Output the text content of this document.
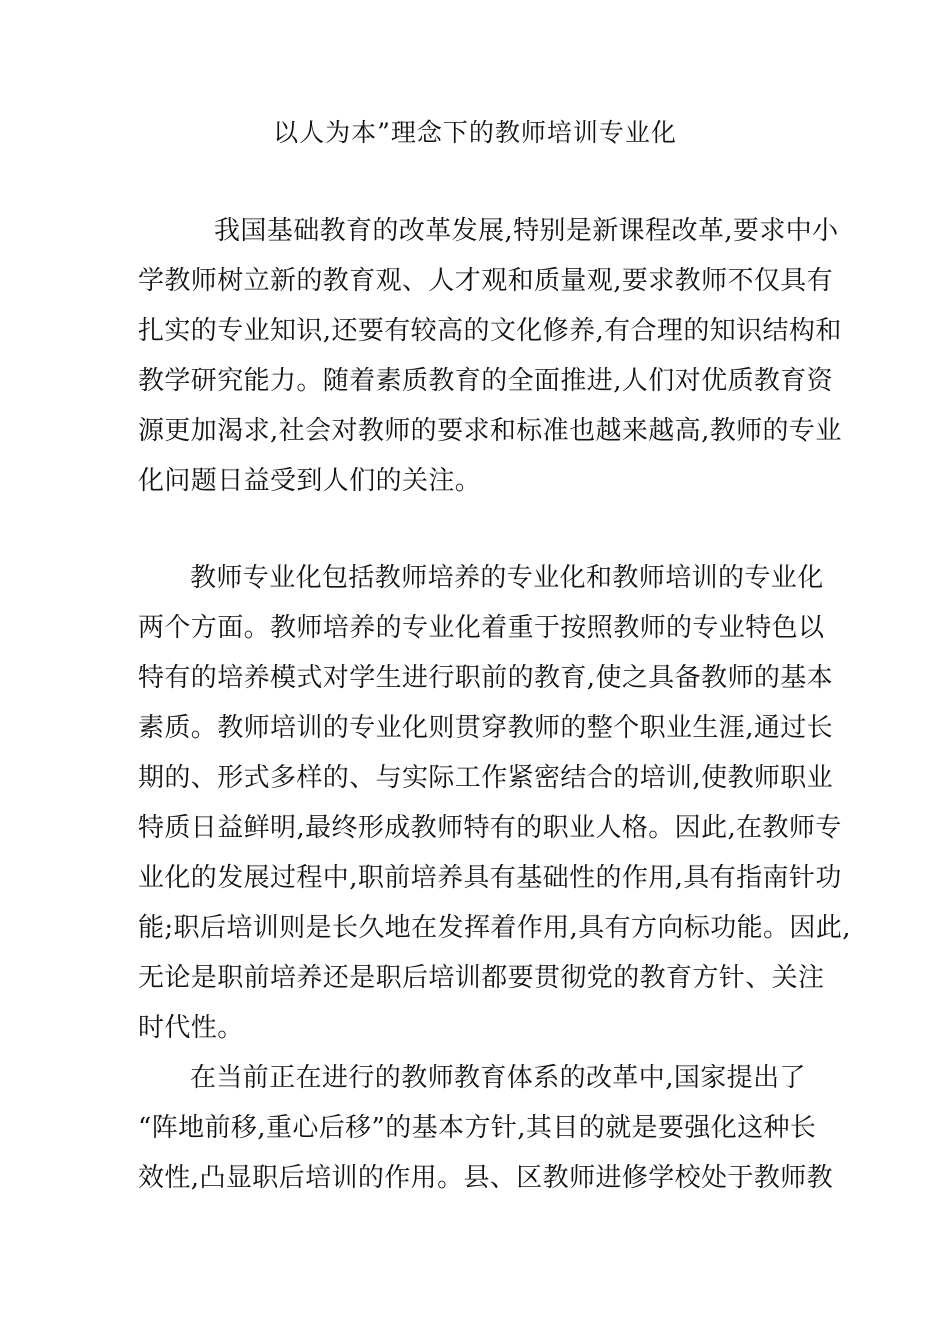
以人为本”理念下的教师培训专业化
我国基础教育的改革发展,特别是新课程改革,要求中小
学教师树立新的教育观、人才观和质量观,要求教师不仅具有
扎实的专业知识,还要有较高的文化修养,有合理的知识结构和
教学研究能力。随着素质教育的全面推进,人们对优质教育资
源更加渴求,社会对教师的要求和标准也越来越高,教师的专业
化问题日益受到人们的关注。
教师专业化包括教师培养的专业化和教师培训的专业化
两个方面。教师培养的专业化着重于按照教师的专业特色以
特有的培养模式对学生进行职前的教育,使之具备教师的基本
素质。教师培训的专业化则贯穿教师的整个职业生涯,通过长
期的、形式多样的、与实际工作紧密结合的培训,使教师职业
特质日益鲜明,最终形成教师特有的职业人格。因此,在教师专
业化的发展过程中,职前培养具有基础性的作用,具有指南针功
能;职后培训则是长久地在发挥着作用,具有方向标功能。因此,
无论是职前培养还是职后培训都要贯彻党的教育方针、关注
时代性。
在当前正在进行的教师教育体系的改革中,国家提出了
“阵地前移,重心后移”的基本方针,其目的就是要强化这种长
效性,凸显职后培训的作用。县、区教师进修学校处于教师教
